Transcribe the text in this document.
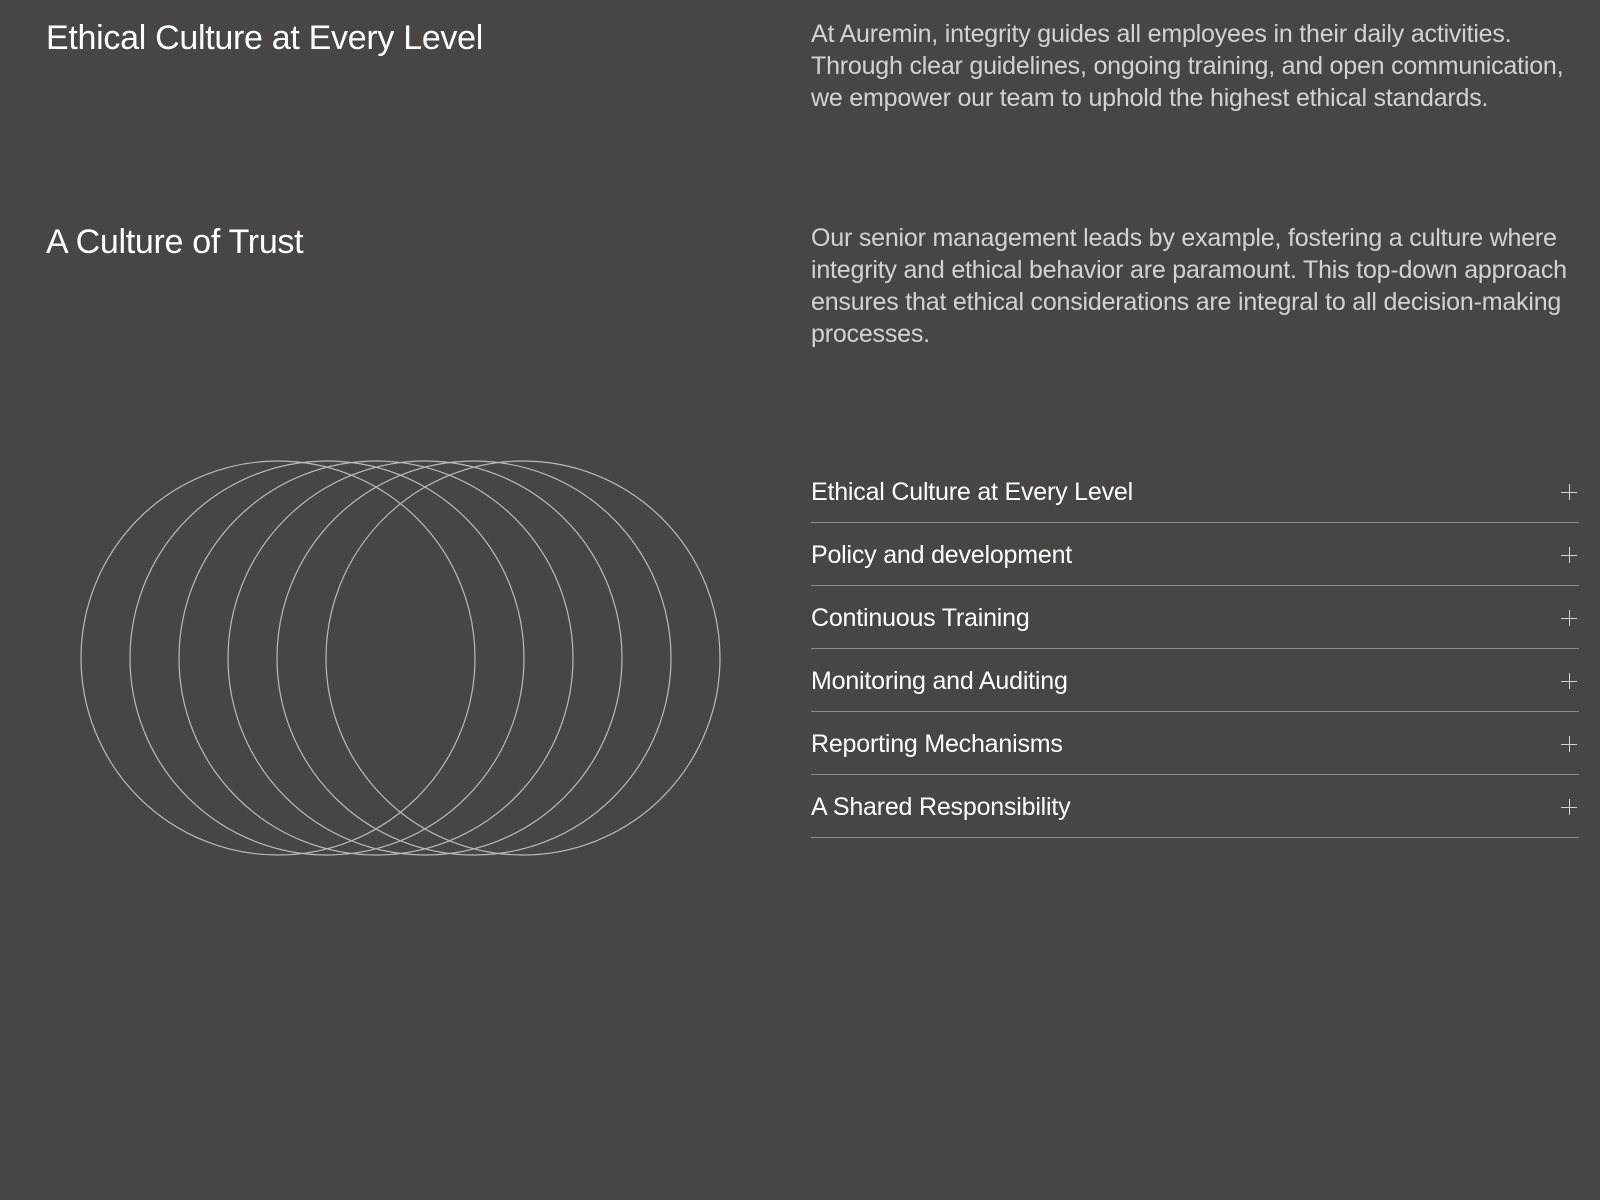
Ethical Culture at Every Level	At Auremin, integrity guides all employees in their daily activities. Through clear guidelines, ongoing training, and open communication, we empower our team to uphold the highest ethical standards.

A Culture of Trust	Our senior management leads by example, fostering a culture where integrity and ethical behavior are paramount. This top-down approach ensures that ethical considerations are integral to all decision-making processes.

Ethical Culture at Every Level
Policy and development
Continuous Training
Monitoring and Auditing
Reporting Mechanisms
A Shared Responsibility
